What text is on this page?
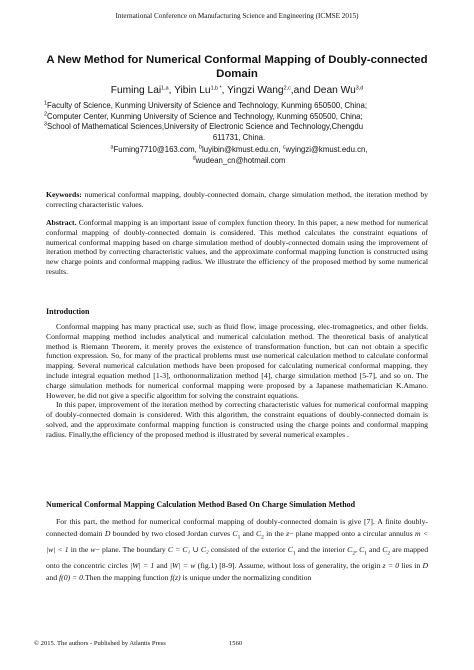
International Conference on Manufacturing Science and Engineering (ICMSE 2015)
A New Method for Numerical Conformal Mapping of Doubly-connected Domain
Fuming Lai$^{1,a}$, Yibin $Lu^{1,b *}$, Yingzi Wang$^{2,c}$,and Dean Wu$^{3,d}$
$^1$Faculty of Science, Kunming University of Science and Technology, Kunming 650500, China;
$^2$Computer Center, Kunming University of Science and Technology, Kunming 650500, China;
$^3$School of Mathematical Sciences,University of Electronic Science and Technology,Chengdu
611731, China.
$^a$Fuming7710@163.com, $^b$luyibin@kmust.edu.cn, $^c$wyingzi@kmust.edu.cn,
$^d$wudean_cn@hotmail.com
Keywords: numerical conformal mapping, doubly-connected domain, charge simulation method, the iteration method by correcting characteristic values.
Abstract. Conformal mapping is an important issue of complex function theory. In this paper, a new method for numerical conformal mapping of doubly-connected domain is considered. This method calculates the constraint equations of numerical conformal mapping based on charge simulation method of doubly-connected domain using the improvement of iteration method by correcting characteristic values, and the approximate conformal mapping function is constructed using new charge points and conformal mapping radius. We illustrate the efficiency of the proposed method by some numerical results.
Introduction

Conformal mapping has many practical use, such as fluid flow, image processing, elec-tromagnetics, and other fields. Conformal mapping method includes analytical and numerical calculation method. The theoretical basis of analytical method is Riemann Theorem, it merely proves the existence of transformation function, but can not obtain a specific function expression. So, for many of the practical problems must use numerical calculation method to calculate conformal mapping. Several numerical calculation methods have been proposed for calculating numerical conformal mapping, they include integral equation method [1-3], orthonormalization method [4], charge simulation method [5-7], and so on. The charge simulation methods for numerical conformal mapping were proposed by a Japanese mathematician K.Amano. However, he did not give a specific algorithm for solving the constraint equations.

In this paper, improvement of the iteration method by correcting characteristic values for numerical conformal mapping of doubly-connected domain is considered. With this algorithm, the constraint equations of doubly-connected domain is solved, and the approximate conformal mapping function is constructed using the charge points and conformal mapping radius. Finally,the efficiency of the proposed method is illustrated by several numerical examples .

Numerical Conformal Mapping Calculation Method Based On Charge Simulation Method

For this part, the method for numerical conformal mapping of doubly-connected domain is give [7]. A finite doubly-connected domain D bounded by two closed Jordan curves $C_1$ and $C_2$ in the z− plane mapped onto a circular annulus m < |w| < 1 in the w− plane. The boundary C = C₁ ∪ C₂ consisted of the exterior $C_1$ and the interior $C_2$, $C_1$ and $C_2$ are mapped onto the concentric circles |W| = 1 and |W| = w (fig.1) [8-9]. Assume, without loss of generality, the origin z = 0 lies in D and f(0) = 0.Then the mapping function f(z) is unique under the normalizing condition

© 2015. The authors - Published by Atlantis Press	1560
